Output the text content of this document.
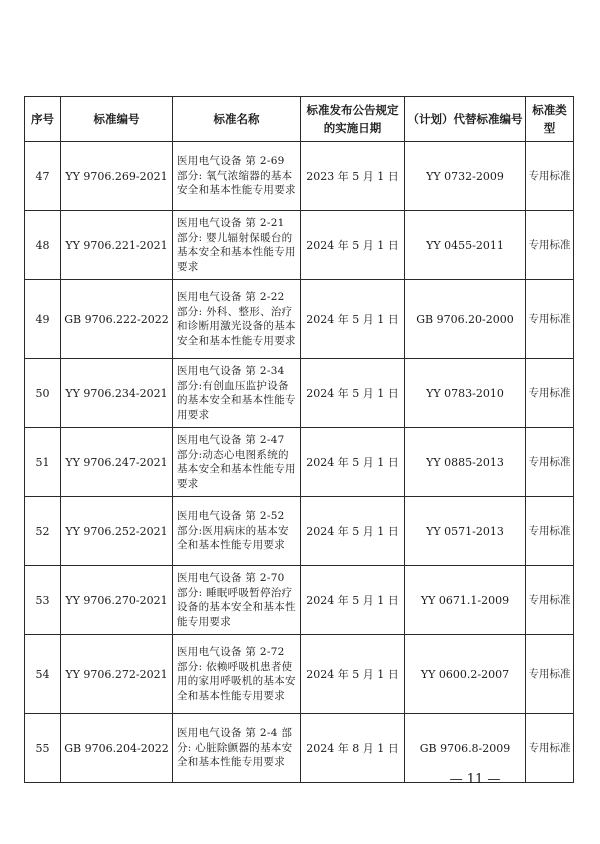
序号	标准编号	标准名称	标准发布公告规定的实施日期	（计划）代替标准编号	标准类型
47	YY 9706.269-2021	医用电气设备 第 2-69 部分: 氧气浓缩器的基本安全和基本性能专用要求	2023 年 5 月 1 日	YY 0732-2009	专用标准
48	YY 9706.221-2021	医用电气设备 第 2-21 部分: 婴儿辐射保暖台的基本安全和基本性能专用要求	2024 年 5 月 1 日	YY 0455-2011	专用标准
49	GB 9706.222-2022	医用电气设备 第 2-22 部分: 外科、整形、治疗和诊断用激光设备的基本安全和基本性能专用要求	2024 年 5 月 1 日	GB 9706.20-2000	专用标准
50	YY 9706.234-2021	医用电气设备 第 2-34 部分:有创血压监护设备的基本安全和基本性能专用要求	2024 年 5 月 1 日	YY 0783-2010	专用标准
51	YY 9706.247-2021	医用电气设备 第 2-47 部分:动态心电图系统的基本安全和基本性能专用要求	2024 年 5 月 1 日	YY 0885-2013	专用标准
52	YY 9706.252-2021	医用电气设备 第 2-52 部分:医用病床的基本安全和基本性能专用要求	2024 年 5 月 1 日	YY 0571-2013	专用标准
53	YY 9706.270-2021	医用电气设备 第 2-70 部分: 睡眠呼吸暂停治疗设备的基本安全和基本性能专用要求	2024 年 5 月 1 日	YY 0671.1-2009	专用标准
54	YY 9706.272-2021	医用电气设备 第 2-72 部分: 依赖呼吸机患者使用的家用呼吸机的基本安全和基本性能专用要求	2024 年 5 月 1 日	YY 0600.2-2007	专用标准
55	GB 9706.204-2022	医用电气设备 第 2-4 部分: 心脏除颤器的基本安全和基本性能专用要求	2024 年 8 月 1 日	GB 9706.8-2009	专用标准
— 11 —
